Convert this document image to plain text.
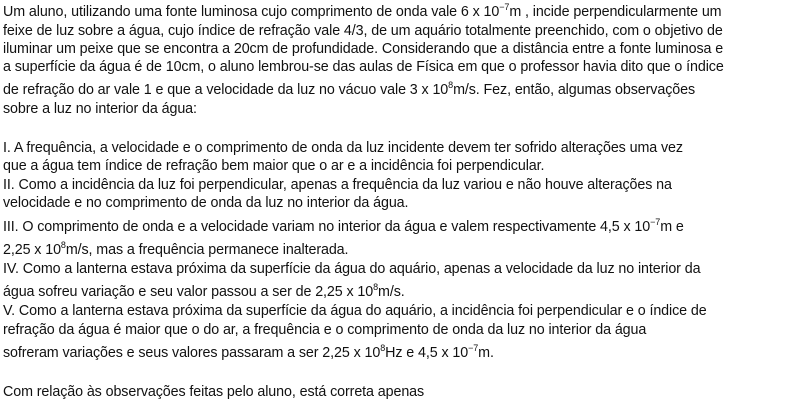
Um aluno, utilizando uma fonte luminosa cujo comprimento de onda vale 6 x $10^{-7}m$ , incide perpendicularmente um
feixe de luz sobre a água, cujo índice de refração vale 4/3, de um aquário totalmente preenchido, com o objetivo de
iluminar um peixe que se encontra a 20cm de profundidade. Considerando que a distância entre a fonte luminosa e
a superfície da água é de 10cm, o aluno lembrou-se das aulas de Física em que o professor havia dito que o índice
de refração do ar vale 1 e que a velocidade da luz no vácuo vale 3 x $10^8m/s$. Fez, então, algumas observações
sobre a luz no interior da água:
I. A frequência, a velocidade e o comprimento de onda da luz incidente devem ter sofrido alterações uma vez
que a água tem índice de refração bem maior que o ar e a incidência foi perpendicular.
II. Como a incidência da luz foi perpendicular, apenas a frequência da luz variou e não houve alterações na
velocidade e no comprimento de onda da luz no interior da água.
III. O comprimento de onda e a velocidade variam no interior da água e valem respectivamente 4,5 x $10^{-7}m$ e
2,25 x $10^8m/s$, mas a frequência permanece inalterada.
IV. Como a lanterna estava próxima da superfície da água do aquário, apenas a velocidade da luz no interior da
água sofreu variação e seu valor passou a ser de 2,25 x $10^8m/s$.
V. Como a lanterna estava próxima da superfície da água do aquário, a incidência foi perpendicular e o índice de
refração da água é maior que o do ar, a frequência e o comprimento de onda da luz no interior da água
sofreram variações e seus valores passaram a ser 2,25 x $10^8Hz$ e 4,5 x $10^{-7}m$.
Com relação às observações feitas pelo aluno, está correta apenas
